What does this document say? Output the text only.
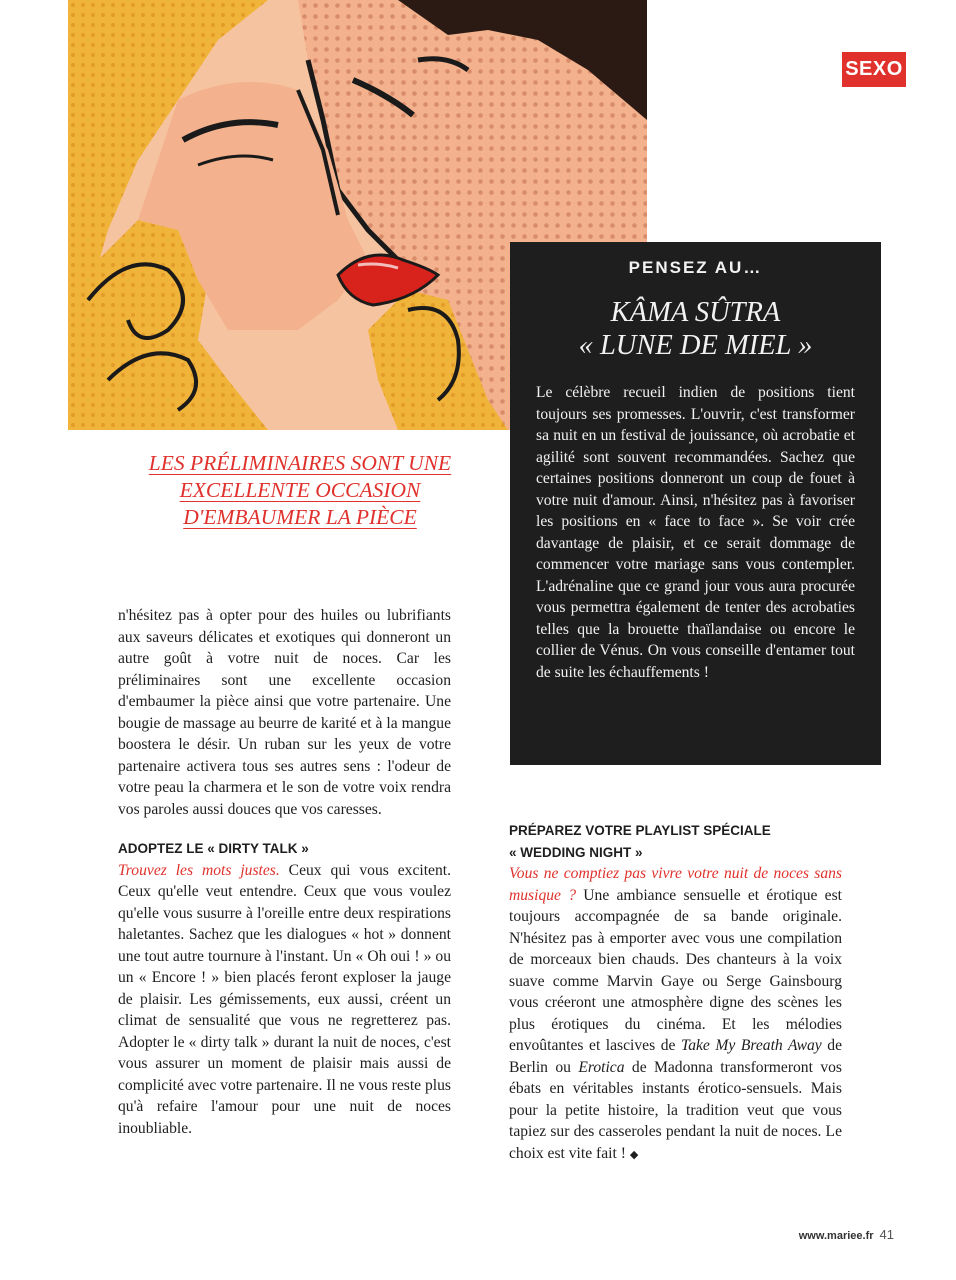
SEXO
LES PRÉLIMINAIRES SONT UNE EXCELLENTE OCCASION D'EMBAUMER LA PIÈCE
PENSEZ AU…
KÂMA SÛTRA
« LUNE DE MIEL »
Le célèbre recueil indien de positions tient toujours ses promesses. L'ouvrir, c'est transformer sa nuit en un festival de jouissance, où acrobatie et agilité sont souvent recommandées. Sachez que certaines positions donneront un coup de fouet à votre nuit d'amour. Ainsi, n'hésitez pas à favoriser les positions en « face to face ». Se voir crée davantage de plaisir, et ce serait dommage de commencer votre mariage sans vous contempler. L'adrénaline que ce grand jour vous aura procurée vous permettra également de tenter des acrobaties telles que la brouette thaïlandaise ou encore le collier de Vénus. On vous conseille d'entamer tout de suite les échauffements !

n'hésitez pas à opter pour des huiles ou lubrifiants aux saveurs délicates et exotiques qui donneront un autre goût à votre nuit de noces. Car les préliminaires sont une excellente occasion d'embaumer la pièce ainsi que votre partenaire. Une bougie de massage au beurre de karité et à la mangue boostera le désir. Un ruban sur les yeux de votre partenaire activera tous ses autres sens : l'odeur de votre peau la charmera et le son de votre voix rendra vos paroles aussi douces que vos caresses.

ADOPTEZ LE « DIRTY TALK »

Trouvez les mots justes. Ceux qui vous excitent. Ceux qu'elle veut entendre. Ceux que vous voulez qu'elle vous susurre à l'oreille entre deux respirations haletantes. Sachez que les dialogues « hot » donnent une tout autre tournure à l'instant. Un « Oh oui ! » ou un « Encore ! » bien placés feront exploser la jauge de plaisir. Les gémissements, eux aussi, créent un climat de sensualité que vous ne regretterez pas. Adopter le « dirty talk » durant la nuit de noces, c'est vous assurer un moment de plaisir mais aussi de complicité avec votre partenaire. Il ne vous reste plus qu'à refaire l'amour pour une nuit de noces inoubliable.

PRÉPAREZ VOTRE PLAYLIST SPÉCIALE
« WEDDING NIGHT »

Vous ne comptiez pas vivre votre nuit de noces sans musique ? Une ambiance sensuelle et érotique est toujours accompagnée de sa bande originale. N'hésitez pas à emporter avec vous une compilation de morceaux bien chauds. Des chanteurs à la voix suave comme Marvin Gaye ou Serge Gainsbourg vous créeront une atmosphère digne des scènes les plus érotiques du cinéma. Et les mélodies envoûtantes et lascives de Take My Breath Away de Berlin ou Erotica de Madonna transformeront vos ébats en véritables instants érotico-sensuels. Mais pour la petite histoire, la tradition veut que vous tapiez sur des casseroles pendant la nuit de noces. Le choix est vite fait ! ◆

www.mariee.fr 41
